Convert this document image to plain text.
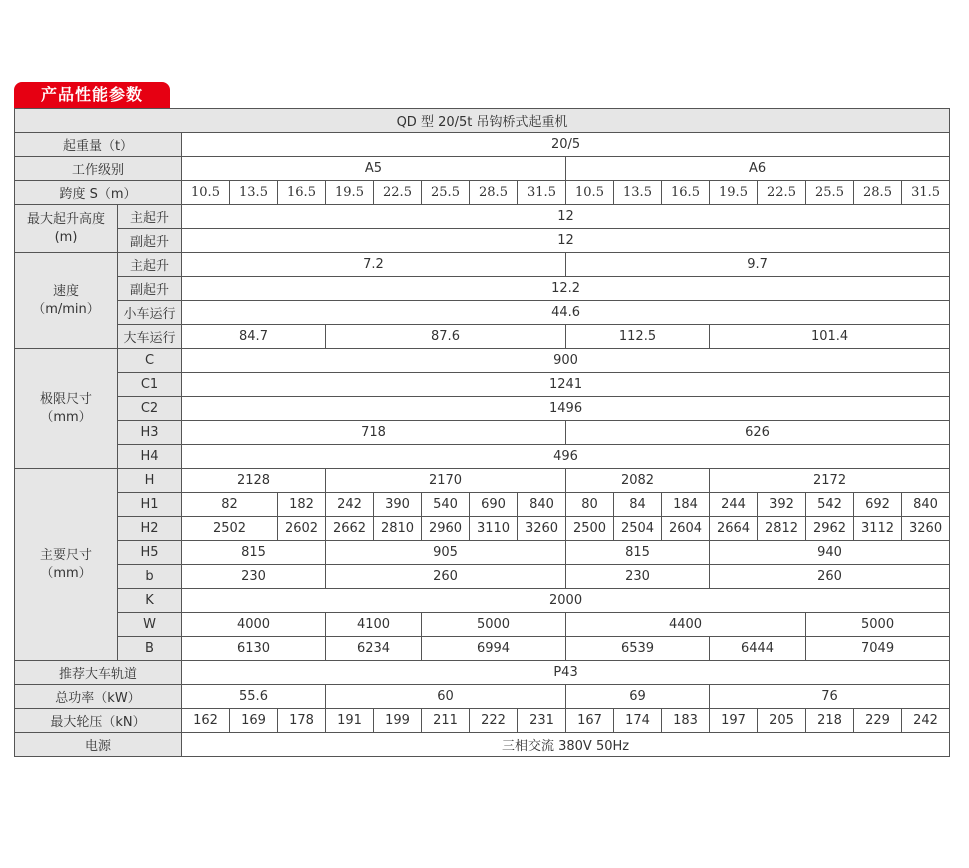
产品性能参数
QD 型 20/5t 吊钩桥式起重机																	
起重量（t）		20/5															
工作级别		A5								A6							
跨度 S（m）		10.5	13.5	16.5	19.5	22.5	25.5	28.5	31.5	10.5	13.5	16.5	19.5	22.5	25.5	28.5	31.5
最大起升高度
(m)	主起升	12															
	副起升	12															
速度
（m/min）	主起升	7.2								9.7							
	副起升	12.2															
	小车运行	44.6															
	大车运行	84.7			87.6					112.5			101.4				
极限尺寸
（mm）	C	900															
	C1	1241															
	C2	1496															
	H3	718								626							
	H4	496															
主要尺寸
（mm）	H	2128			2170					2082			2172				
	H1	82		182	242	390	540	690	840	80	84	184	244	392	542	692	840
	H2	2502		2602	2662	2810	2960	3110	3260	2500	2504	2604	2664	2812	2962	3112	3260
	H5	815			905					815			940				
	b	230			260					230			260				
	K	2000															
	W	4000			4100		5000			4400					5000		
	B	6130			6234		6994			6539			6444		7049		
推荐大车轨道		P43															
总功率（kW）		55.6			60					69			76				
最大轮压（kN）		162	169	178	191	199	211	222	231	167	174	183	197	205	218	229	242
电源		三相交流 380V 50Hz															
